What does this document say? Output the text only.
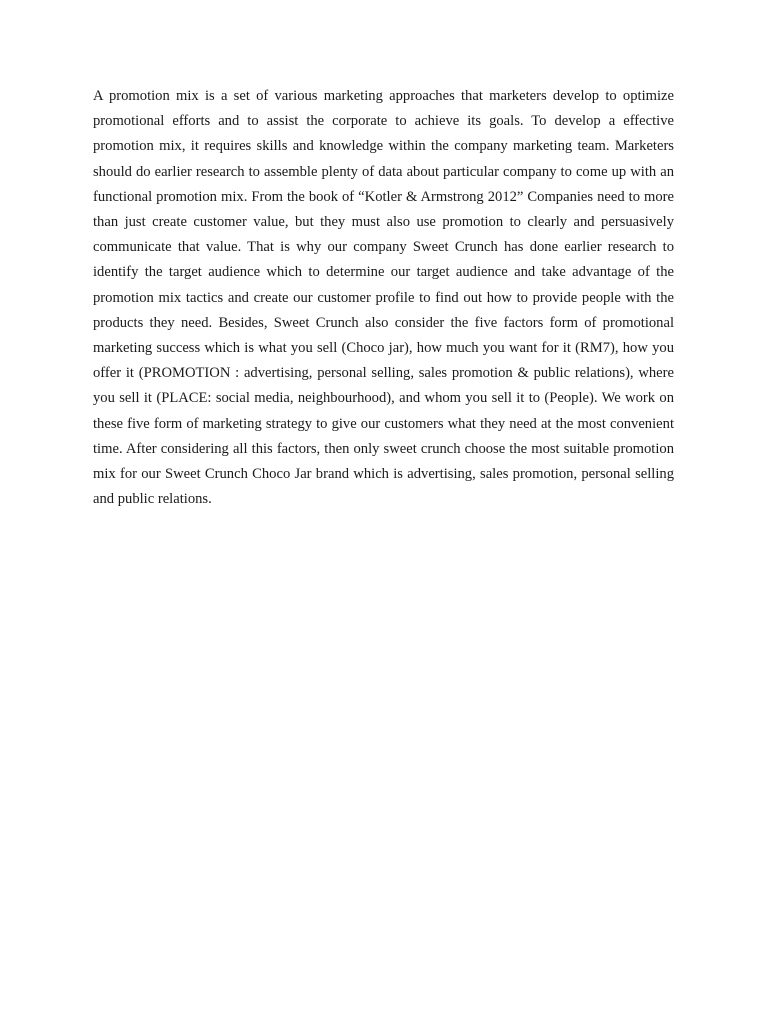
A promotion mix is a set of various marketing approaches that marketers develop to optimize promotional efforts and to assist the corporate to achieve its goals. To develop a effective promotion mix, it requires skills and knowledge within the company marketing team. Marketers should do earlier research to assemble plenty of data about particular company to come up with an functional promotion mix. From the book of “Kotler & Armstrong 2012” Companies need to more than just create customer value, but they must also use promotion to clearly and persuasively communicate that value. That is why our company Sweet Crunch has done earlier research to identify the target audience which to determine our target audience and take advantage of the promotion mix tactics and create our customer profile to find out how to provide people with the products they need. Besides, Sweet Crunch also consider the five factors form of promotional marketing success which is what you sell (Choco jar), how much you want for it (RM7), how you offer it (PROMOTION : advertising, personal selling, sales promotion & public relations), where you sell it (PLACE: social media, neighbourhood), and whom you sell it to (People). We work on these five form of marketing strategy to give our customers what they need at the most convenient time. After considering all this factors, then only sweet crunch choose the most suitable promotion mix for our Sweet Crunch Choco Jar brand which is advertising, sales promotion, personal selling and public relations.
